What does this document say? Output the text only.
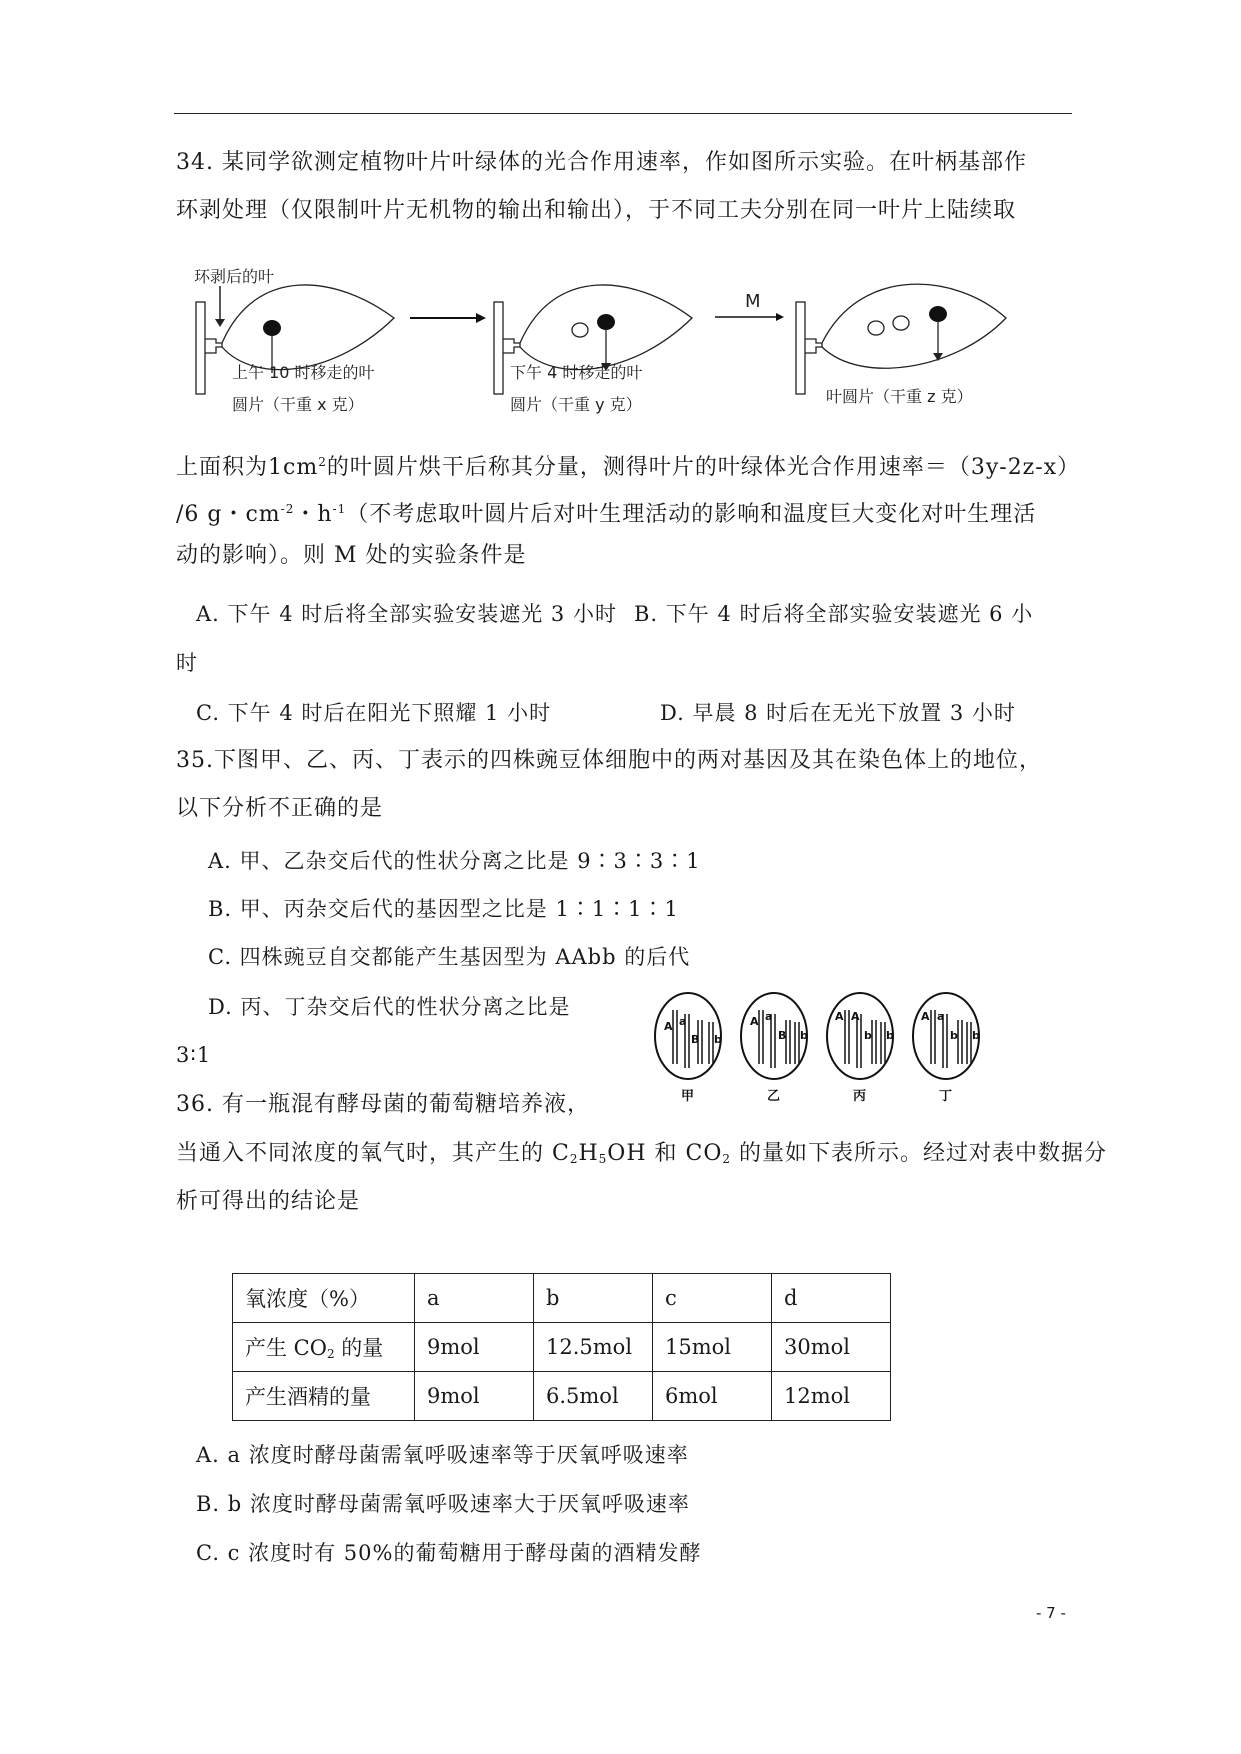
34. 某同学欲测定植物叶片叶绿体的光合作用速率，作如图所示实验。在叶柄基部作
环剥处理（仅限制叶片无机物的输出和输出），于不同工夫分别在同一叶片上陆续取
环剥后的叶
上午 10 时移走的叶
圆片（干重 x 克）
下午 4 时移走的叶
圆片（干重 y 克）
M
叶圆片（干重 z 克）
上面积为$1cm^2$的叶圆片烘干后称其分量，测得叶片的叶绿体光合作用速率＝（3y-2z-x）
/6 g・$cm^{-2}$・$h^{-1}$（不考虑取叶圆片后对叶生理活动的影响和温度巨大变化对叶生理活
动的影响）。则 M 处的实验条件是
A. 下午 4 时后将全部实验安装遮光 3 小时 B. 下午 4 时后将全部实验安装遮光 6 小
时
C. 下午 4 时后在阳光下照耀 1 小时	D. 早晨 8 时后在无光下放置 3 小时
35.下图甲、乙、丙、丁表示的四株豌豆体细胞中的两对基因及其在染色体上的地位，
以下分析不正确的是
A. 甲、乙杂交后代的性状分离之比是 9∶3∶3∶1
B. 甲、丙杂交后代的基因型之比是 1∶1∶1∶1
C. 四株豌豆自交都能产生基因型为 AAbb 的后代
D. 丙、丁杂交后代的性状分离之比是
3∶1
A a
B b
甲
A a
B b
乙
A A
b b
丙
A a
b b
丁
36. 有一瓶混有酵母菌的葡萄糖培养液，
当通入不同浓度的氧气时，其产生的 $C_2H_5OH$ 和 $CO_2$ 的量如下表所示。经过对表中数据分
析可得出的结论是
氧浓度（%）	a	b	c	d
产生 $CO_2$ 的量	9mol	12.5mol	15mol	30mol
产生酒精的量	9mol	6.5mol	6mol	12mol
A. a 浓度时酵母菌需氧呼吸速率等于厌氧呼吸速率
B. b 浓度时酵母菌需氧呼吸速率大于厌氧呼吸速率
C. c 浓度时有 50%的葡萄糖用于酵母菌的酒精发酵
- 7 -
